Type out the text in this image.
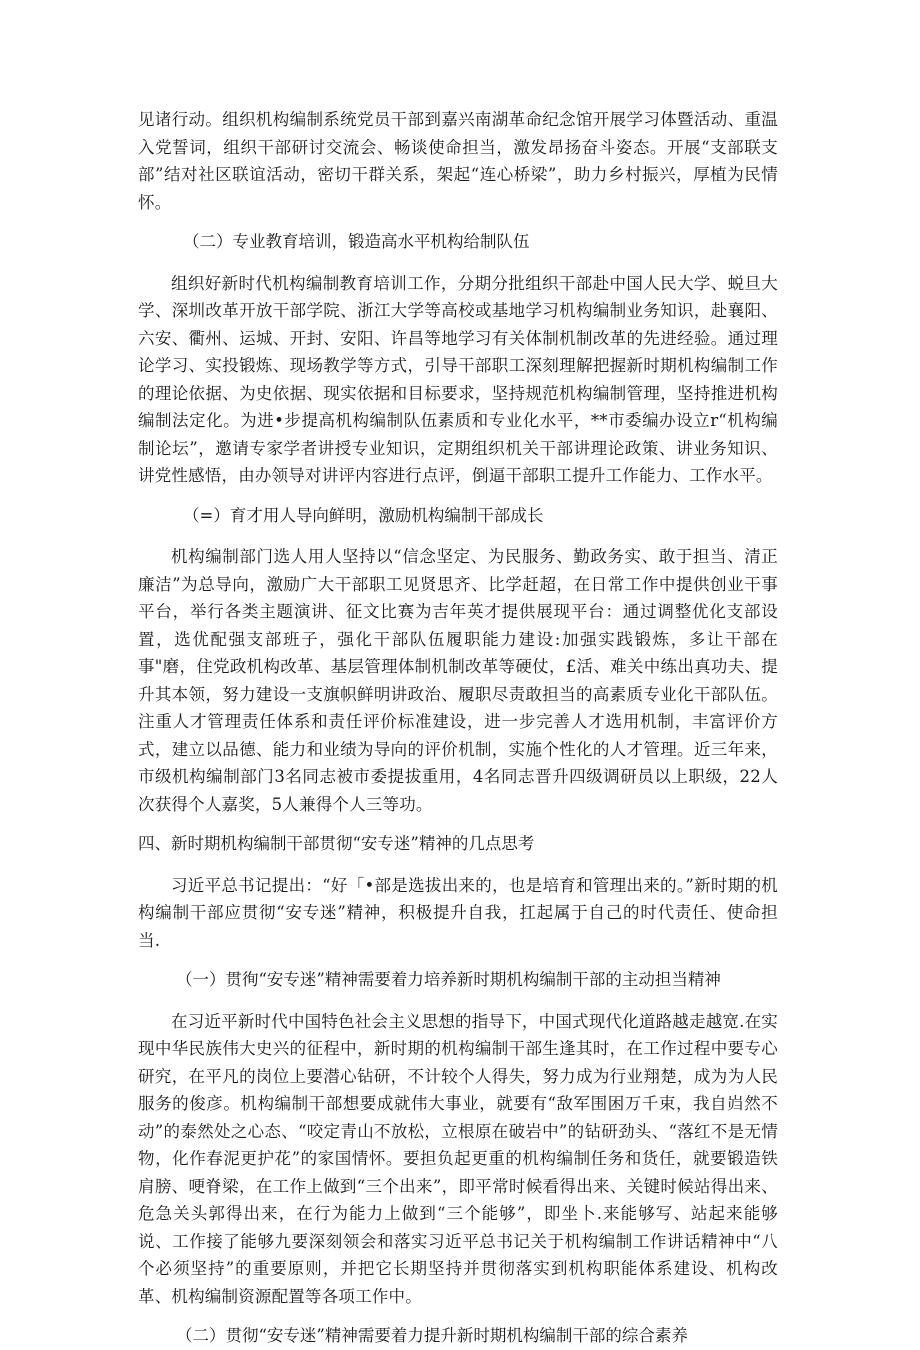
见诸行动。组织机构编制系统党员干部到嘉兴南湖革命纪念馆开展学习体暨活动、重温入党誓词，组织干部研讨交流会、畅谈使命担当，激发昂扬奋斗姿态。开展“支部联支部”结对社区联谊活动，密切干群关系，架起“连心桥梁”，助力乡村振兴，厚植为民情怀。

（二）专业教育培训，锻造高水平机构给制队伍

组织好新时代机构编制教育培训工作，分期分批组织干部赴中国人民大学、蜕旦大学、深圳改革开放干部学院、浙江大学等高校或基地学习机构编制业务知识，赴襄阳、六安、衢州、运城、开封、安阳、许昌等地学习有关体制机制改革的先进经验。通过理论学习、实投锻炼、现场教学等方式，引导干部职工深刻理解把握新时期机构编制工作的理论依据、为史依据、现实依据和目标要求，坚持规范机构编制管理，坚持推进机构编制法定化。为进•步提高机构编制队伍素质和专业化水平，**市委编办设立r“机构编制论坛”，邀请专家学者讲授专业知识，定期组织机关干部讲理论政策、讲业务知识、讲党性感悟，由办领导对讲评内容进行点评，倒逼干部职工提升工作能力、工作水平。

（=）育才用人导向鲜明，激励机构编制干部成长

机构编制部门选人用人坚持以“信念坚定、为民服务、勤政务实、敢于担当、清正廉洁”为总导向，激励广大干部职工见贤思齐、比学赶超，在日常工作中提供创业干事平台，举行各类主题演讲、征文比赛为吉年英才提供展现平台：通过调整优化支部设置，选优配强支部班子，强化干部队伍履职能力建设:加强实践锻炼，多让干部在事"磨，住党政机构改革、基层管理体制机制改革等硬仗，£活、难关中练出真功夫、提升其本领，努力建设一支旗帜鲜明讲政治、履职尽责敢担当的高素质专业化干部队伍。注重人才管理责任体系和责任评价标准建设，进一步完善人才选用机制，丰富评价方式，建立以品德、能力和业绩为导向的评价机制，实施个性化的人才管理。近三年来，市级机构编制部门3名同志被市委提拔重用，4名同志晋升四级调研员以上职级，22人次获得个人嘉奖，5人兼得个人三等功。

四、新时期机构编制干部贯彻“安专迷”精神的几点思考

习近平总书记提出：“好「•部是选拔出来的，也是培育和管理出来的。”新时期的机构编制干部应贯彻“安专迷”精神，积极提升自我，扛起属于自己的时代责任、使命担当.

（一）贯徇“安专迷”精神需要着力培养新时期机构编制干部的主动担当精神

在习近平新时代中国特色社会主义思想的指导下，中国式现代化道路越走越宽.在实现中华民族伟大史兴的征程中，新时期的机构编制干部生逢其时，在工作过程中要专心研究，在平凡的岗位上要潜心钻研，不计较个人得失，努力成为行业翔楚，成为为人民服务的俊彦。机构编制干部想要成就伟大事业，就要有“敌军围困万千束，我自岿然不动”的泰然处之心态、“咬定青山不放松，立根原在破岩中”的钻研劲头、“落红不是无情物，化作春泥更护花”的家国情怀。要担负起更重的机构编制任务和货任，就要锻造铁肩膀、哽脊梁，在工作上做到“三个出来”，即平常时候看得出来、关键时候站得出来、危急关头郭得出来，在行为能力上做到“三个能够”，即坐卜.来能够写、站起来能够说、工作接了能够九要深刻领会和落实习近平总书记关于机构编制工作讲话精神中“八个必须坚持”的重要原则，并把它长期坚持并贯彻落实到机构职能体系建设、机构改革、机构编制资源配置等各项工作中。

（二）贯彻“安专迷”精神需要着力提升新时期机构编制干部的综合素养
